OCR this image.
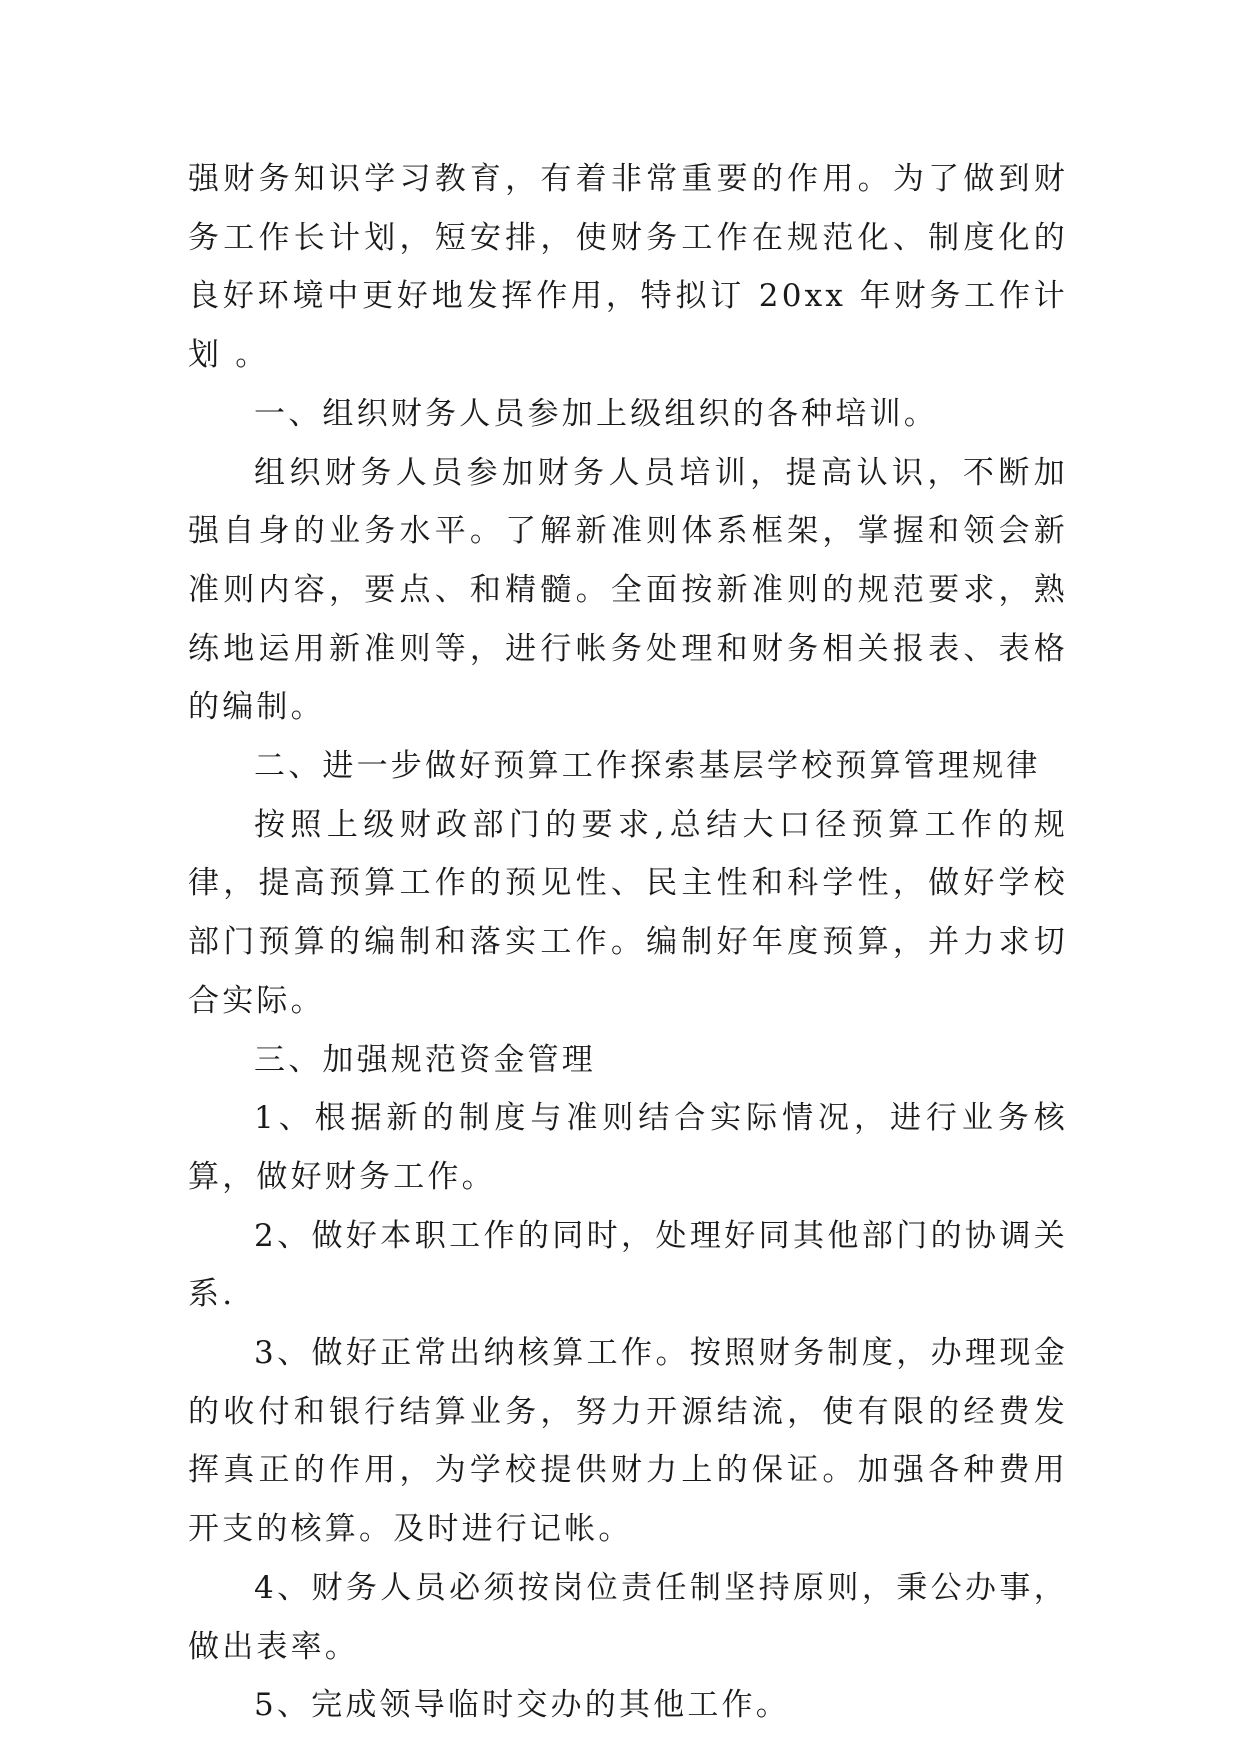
强财务知识学习教育，有着非常重要的作用。为了做到财务工作长计划，短安排，使财务工作在规范化、制度化的良好环境中更好地发挥作用，特拟订 20xx 年财务工作计划 。

一、组织财务人员参加上级组织的各种培训。

组织财务人员参加财务人员培训，提高认识，不断加强自身的业务水平。了解新准则体系框架，掌握和领会新准则内容，要点、和精髓。全面按新准则的规范要求，熟练地运用新准则等，进行帐务处理和财务相关报表、表格的编制。

二、进一步做好预算工作探索基层学校预算管理规律

按照上级财政部门的要求,总结大口径预算工作的规律，提高预算工作的预见性、民主性和科学性，做好学校部门预算的编制和落实工作。编制好年度预算，并力求切合实际。

三、加强规范资金管理

1、根据新的制度与准则结合实际情况，进行业务核算，做好财务工作。

2、做好本职工作的同时，处理好同其他部门的协调关系.

3、做好正常出纳核算工作。按照财务制度，办理现金的收付和银行结算业务，努力开源结流，使有限的经费发挥真正的作用，为学校提供财力上的保证。加强各种费用开支的核算。及时进行记帐。

4、财务人员必须按岗位责任制坚持原则，秉公办事，做出表率。

5、完成领导临时交办的其他工作。
